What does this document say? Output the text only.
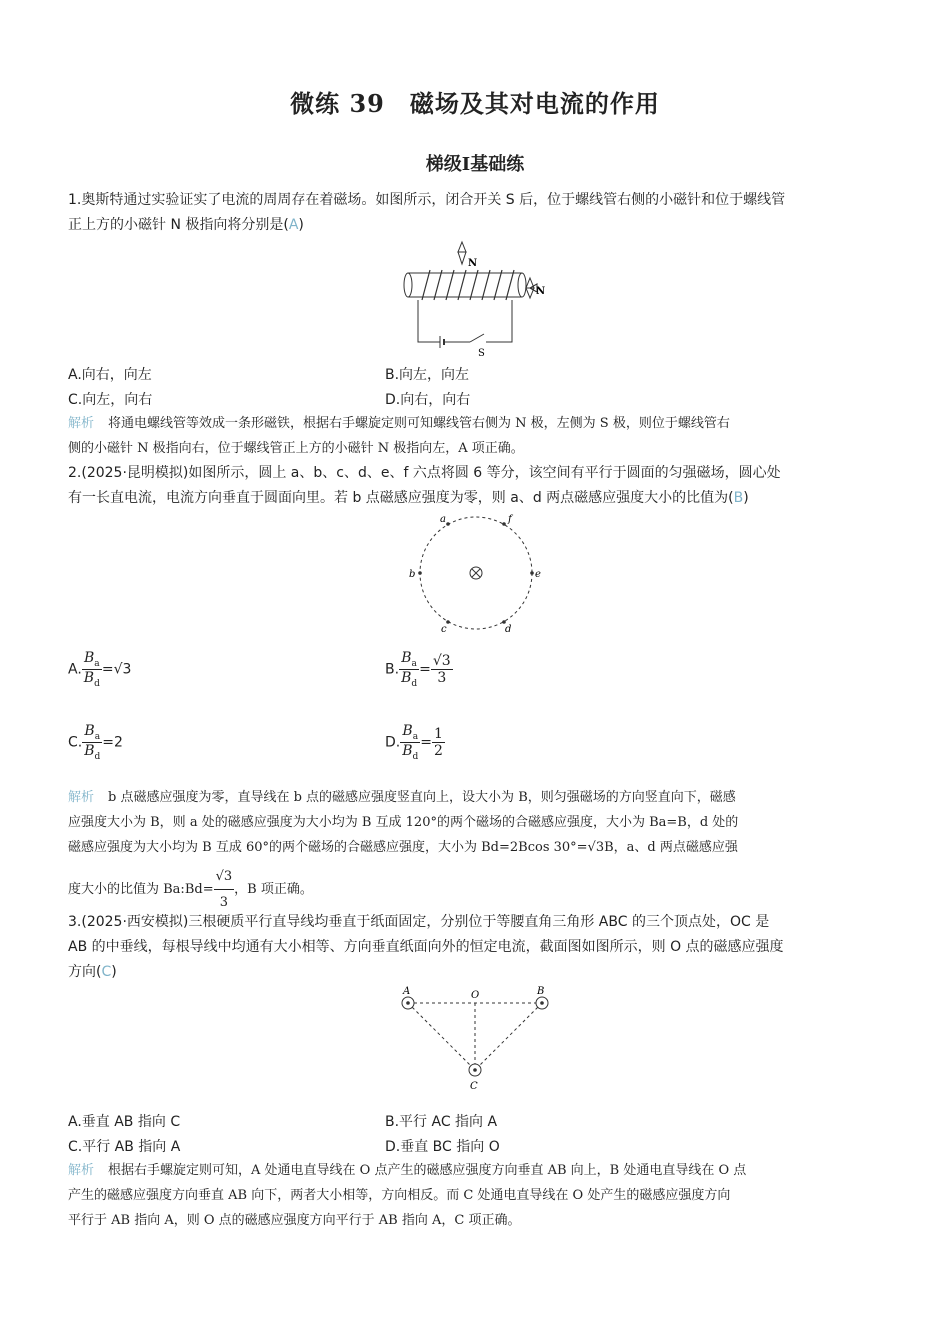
微练 39　磁场及其对电流的作用
梯级Ⅰ基础练
1.奥斯特通过实验证实了电流的周周存在着磁场。如图所示，闭合开关 S 后，位于螺线管右侧的小磁针和位于螺线管
正上方的小磁针 N 极指向将分别是(A)
N
N
S
A.向右，向左	B.向左，向左
C.向左，向右	D.向右，向右
解析 将通电螺线管等效成一条形磁铁，根据右手螺旋定则可知螺线管右侧为 N 极，左侧为 S 极，则位于螺线管右
侧的小磁针 N 极指向右，位于螺线管正上方的小磁针 N 极指向左，A 项正确。
2.(2025·昆明模拟)如图所示，圆上 a、b、c、d、e、f 六点将圆 6 等分，该空间有平行于圆面的匀强磁场，圆心处
有一长直电流，电流方向垂直于圆面向里。若 b 点磁感应强度为零，则 a、d 两点磁感应强度大小的比值为(B)
a	f
b	e
c	d
A. $\frac{B_a}{B_d} =√3$	B. $\frac{B_a}{B_d} = \frac{√3}{3}$
C. $\frac{B_a}{B_d} =2$	D. $\frac{B_a}{B_d} = \frac{1}{2}$
解析 b 点磁感应强度为零，直导线在 b 点的磁感应强度竖直向上，设大小为 B，则匀强磁场的方向竖直向下，磁感
应强度大小为 B，则 a 处的磁感应强度为大小均为 B 互成 120°的两个磁场的合磁感应强度，大小为 Ba=B，d 处的
磁感应强度为大小均为 B 互成 60°的两个磁场的合磁感应强度，大小为 Bd=2Bcos 30°=√3B，a、d 两点磁感应强
度大小的比值为 Ba:Bd= $\frac{√3}{3}$ ，B 项正确。
3.(2025·西安模拟)三根硬质平行直导线均垂直于纸面固定，分别位于等腰直角三角形 ABC 的三个顶点处，OC 是
AB 的中垂线，每根导线中均通有大小相等、方向垂直纸面向外的恒定电流，截面图如图所示，则 O 点的磁感应强度
方向(C)
A	O	B
C
A.垂直 AB 指向 C	B.平行 AC 指向 A
C.平行 AB 指向 A	D.垂直 BC 指向 O
解析 根据右手螺旋定则可知，A 处通电直导线在 O 点产生的磁感应强度方向垂直 AB 向上，B 处通电直导线在 O 点
产生的磁感应强度方向垂直 AB 向下，两者大小相等，方向相反。而 C 处通电直导线在 O 处产生的磁感应强度方向
平行于 AB 指向 A，则 O 点的磁感应强度方向平行于 AB 指向 A，C 项正确。
